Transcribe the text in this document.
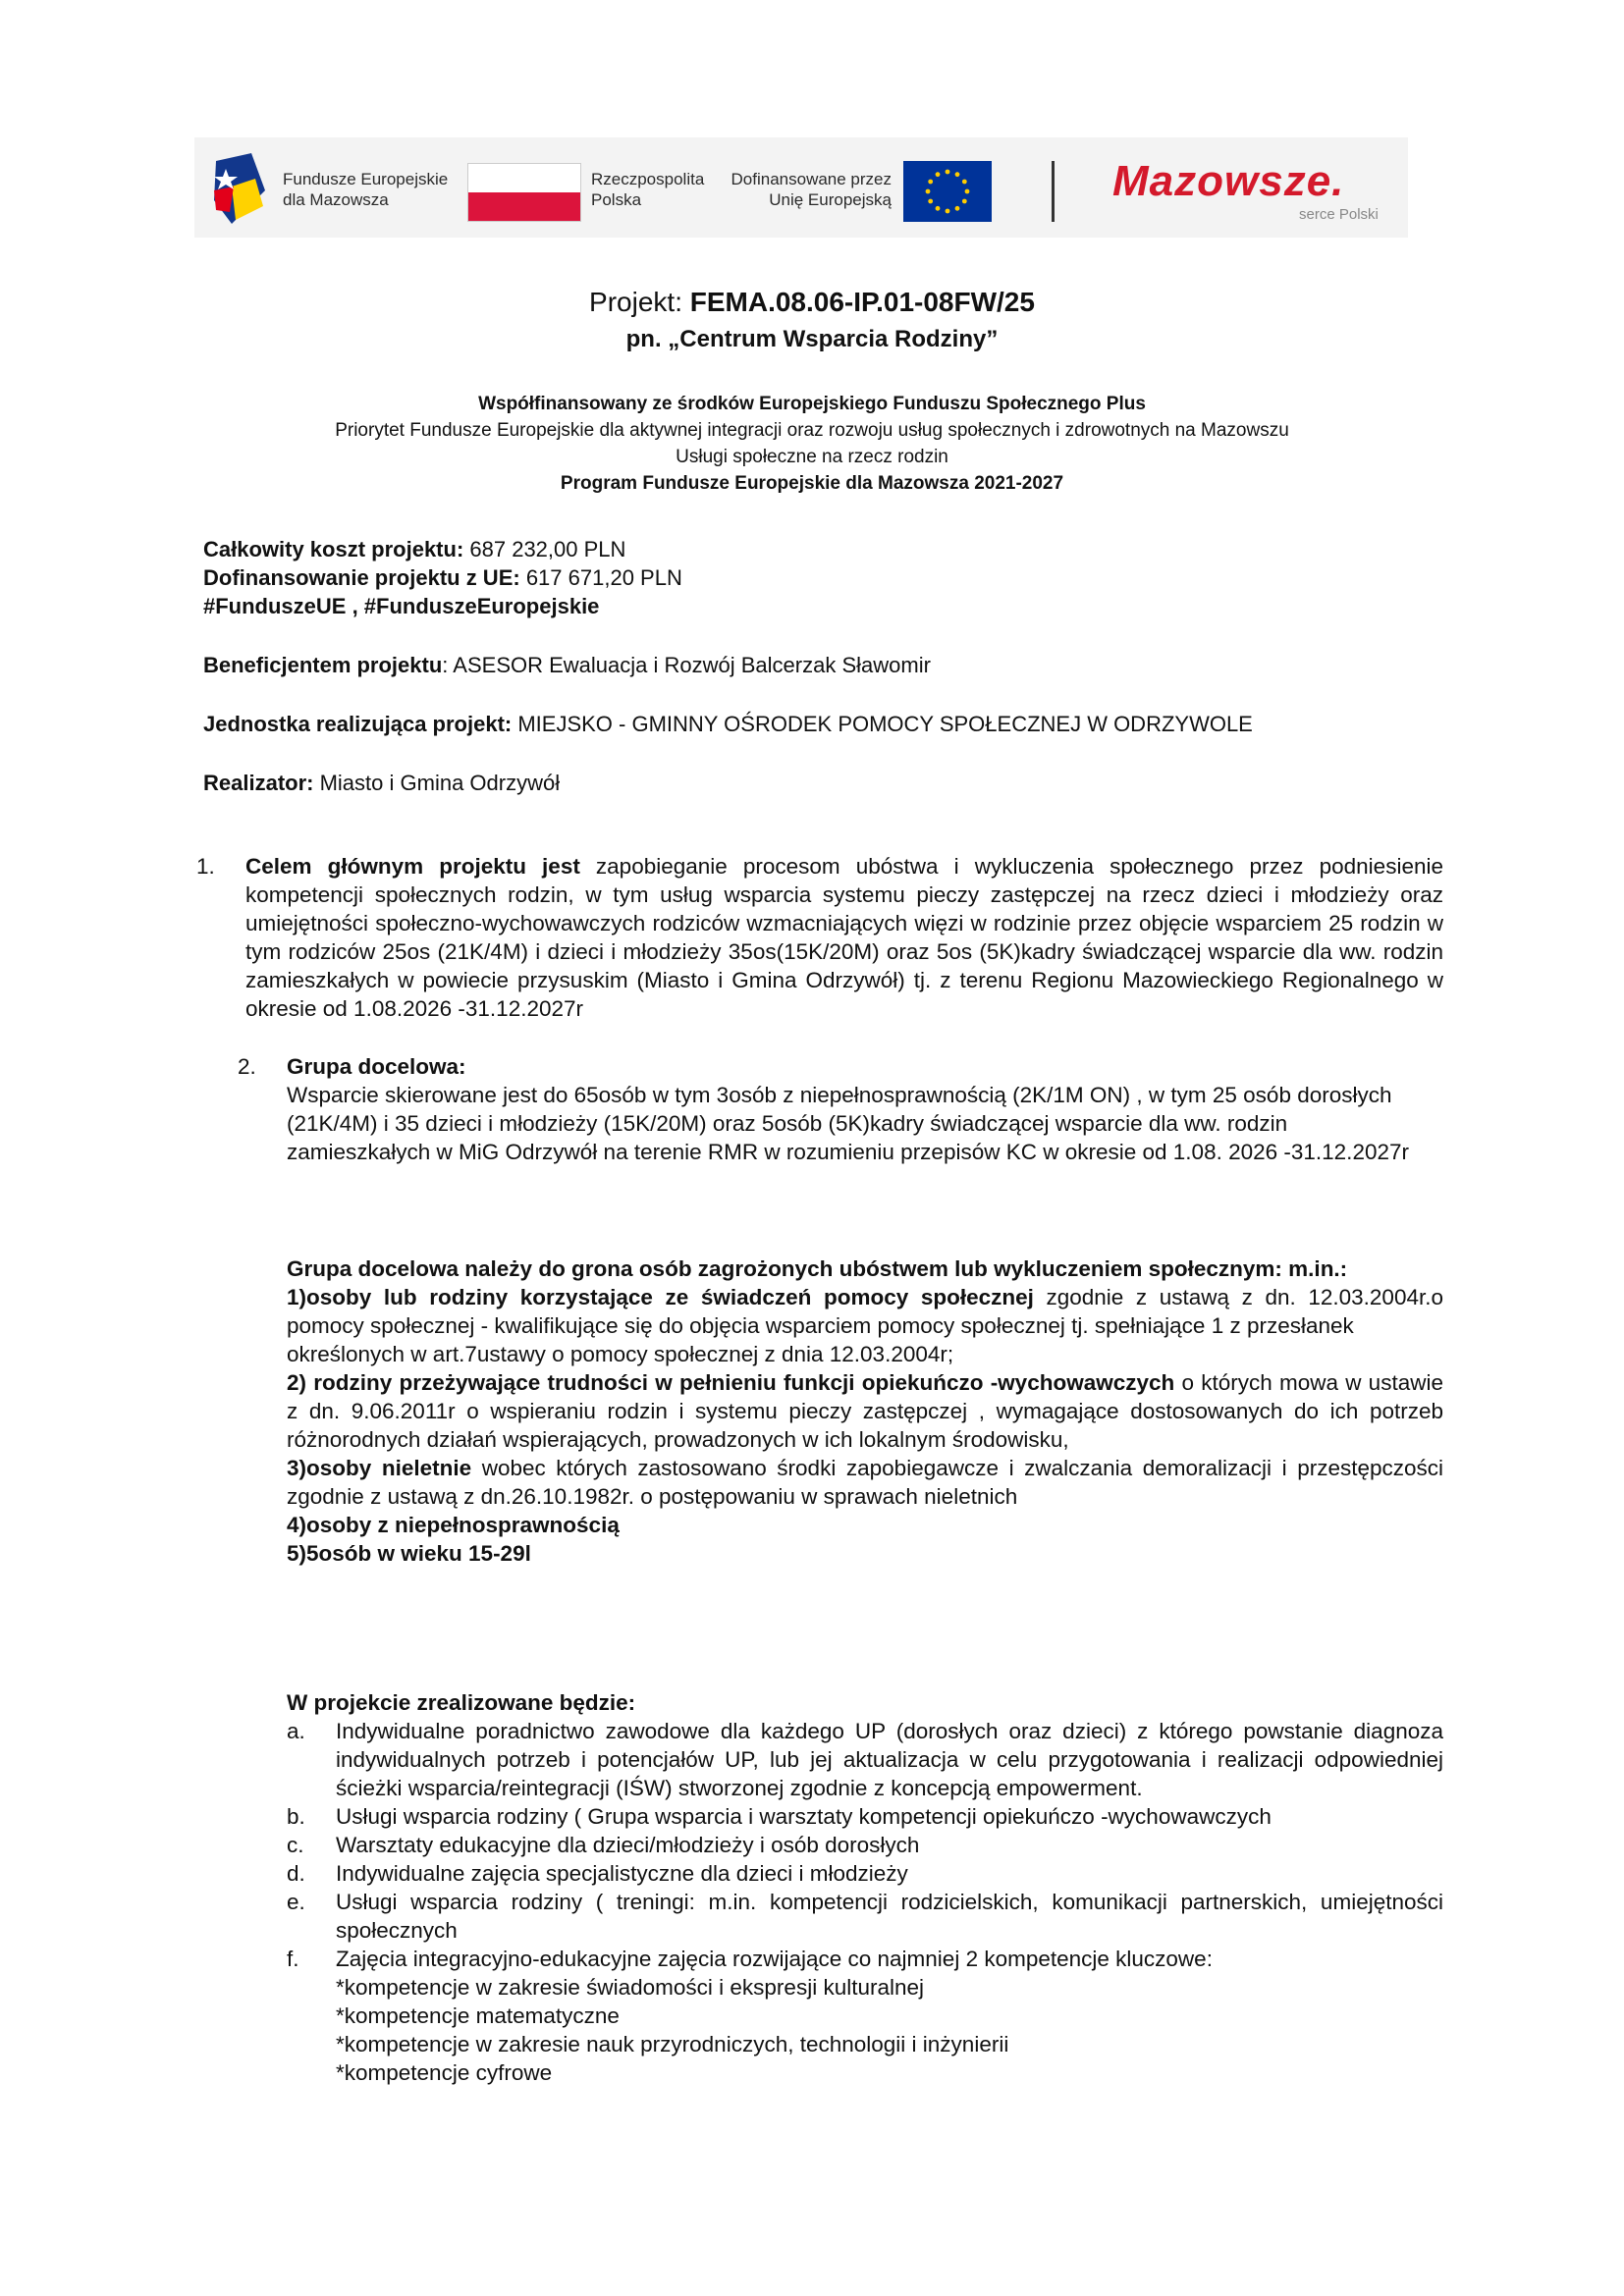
Fundusze Europejskie
dla Mazowsza
Rzeczpospolita
Polska
Dofinansowane przez
Unię Europejską	Mazowsze.
serce Polski
Projekt: FEMA.08.06-IP.01-08FW/25
pn. „Centrum Wsparcia Rodziny”
Współfinansowany ze środków Europejskiego Funduszu Społecznego Plus
Priorytet Fundusze Europejskie dla aktywnej integracji oraz rozwoju usług społecznych i zdrowotnych na Mazowszu
Usługi społeczne na rzecz rodzin
Program Fundusze Europejskie dla Mazowsza 2021-2027
Całkowity koszt projektu: 687 232,00 PLN
Dofinansowanie projektu z UE: 617 671,20 PLN
#FunduszeUE , #FunduszeEuropejskie
Beneficjentem projektu: ASESOR Ewaluacja i Rozwój Balcerzak Sławomir
Jednostka realizująca projekt: MIEJSKO - GMINNY OŚRODEK POMOCY SPOŁECZNEJ W ODRZYWOLE
Realizator: Miasto i Gmina Odrzywół
1. Celem głównym projektu jest zapobieganie procesom ubóstwa i wykluczenia społecznego przez podniesienie kompetencji społecznych rodzin, w tym usług wsparcia systemu pieczy zastępczej na rzecz dzieci i młodzieży oraz umiejętności społeczno-wychowawczych rodziców wzmacniających więzi w rodzinie przez objęcie wsparciem 25 rodzin w tym rodziców 25os (21K/4M) i dzieci i młodzieży 35os(15K/20M) oraz 5os (5K)kadry świadczącej wsparcie dla ww. rodzin zamieszkałych w powiecie przysuskim (Miasto i Gmina Odrzywół) tj. z terenu Regionu Mazowieckiego Regionalnego w okresie od 1.08.2026 -31.12.2027r
2. Grupa docelowa:
Wsparcie skierowane jest do 65osób w tym 3osób z niepełnosprawnością (2K/1M ON) , w tym 25 osób dorosłych (21K/4M) i 35 dzieci i młodzieży (15K/20M) oraz 5osób (5K)kadry świadczącej wsparcie dla ww. rodzin zamieszkałych w MiG Odrzywół na terenie RMR w rozumieniu przepisów KC w okresie od 1.08. 2026 -31.12.2027r

Grupa docelowa należy do grona osób zagrożonych ubóstwem lub wykluczeniem społecznym: m.in.:

1)osoby lub rodziny korzystające ze świadczeń pomocy społecznej zgodnie z ustawą z dn. 12.03.2004r.o pomocy społecznej - kwalifikujące się do objęcia wsparciem pomocy społecznej tj. spełniające 1 z przesłanek

określonych w art.7ustawy o pomocy społecznej z dnia 12.03.2004r;

2) rodziny przeżywające trudności w pełnieniu funkcji opiekuńczo -wychowawczych o których mowa w ustawie z dn. 9.06.2011r o wspieraniu rodzin i systemu pieczy zastępczej , wymagające dostosowanych do ich potrzeb różnorodnych działań wspierających, prowadzonych w ich lokalnym środowisku,

3)osoby nieletnie wobec których zastosowano środki zapobiegawcze i zwalczania demoralizacji i przestępczości zgodnie z ustawą z dn.26.10.1982r. o postępowaniu w sprawach nieletnich

4)osoby z niepełnosprawnością

5)5osób w wieku 15-29l

W projekcie zrealizowane będzie:
a. Indywidualne poradnictwo zawodowe dla każdego UP (dorosłych oraz dzieci) z którego powstanie diagnoza indywidualnych potrzeb i potencjałów UP, lub jej aktualizacja w celu przygotowania i realizacji odpowiedniej ścieżki wsparcia/reintegracji (IŚW) stworzonej zgodnie z koncepcją empowerment.
b. Usługi wsparcia rodziny ( Grupa wsparcia i warsztaty kompetencji opiekuńczo -wychowawczych
c. Warsztaty edukacyjne dla dzieci/młodzieży i osób dorosłych
d. Indywidualne zajęcia specjalistyczne dla dzieci i młodzieży
e. Usługi wsparcia rodziny ( treningi: m.in. kompetencji rodzicielskich, komunikacji partnerskich, umiejętności społecznych
f. Zajęcia integracyjno-edukacyjne zajęcia rozwijające co najmniej 2 kompetencje kluczowe:
*kompetencje w zakresie świadomości i ekspresji kulturalnej
*kompetencje matematyczne
*kompetencje w zakresie nauk przyrodniczych, technologii i inżynierii
*kompetencje cyfrowe
